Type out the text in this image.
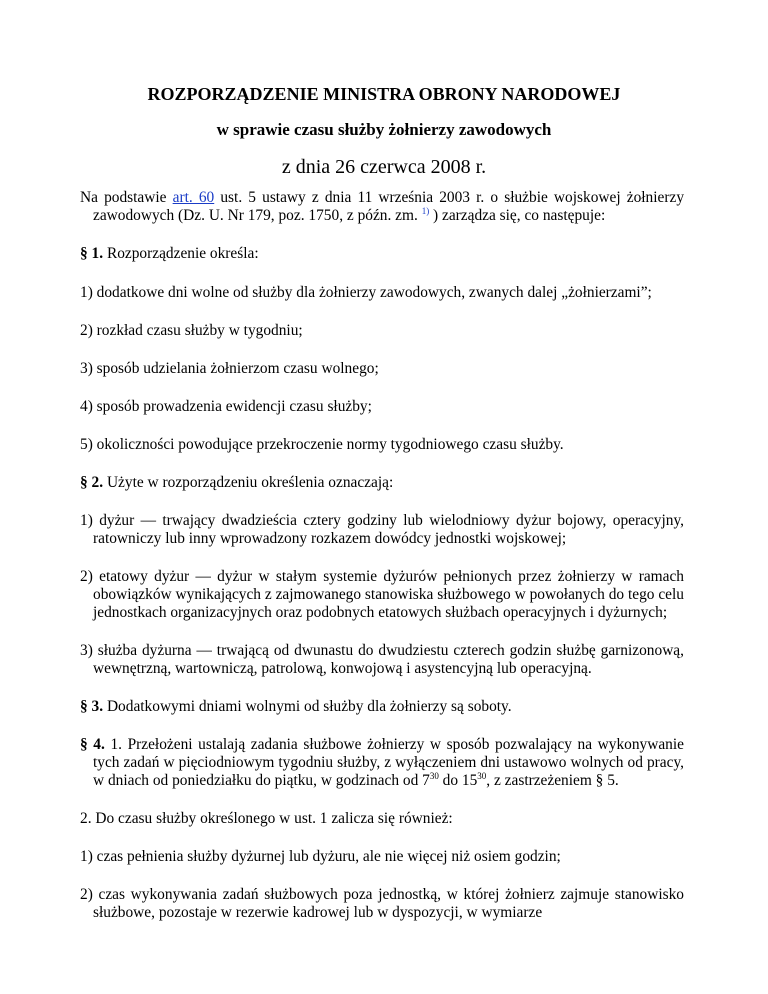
ROZPORZĄDZENIE MINISTRA OBRONY NARODOWEJ
w sprawie czasu służby żołnierzy zawodowych

z dnia 26 czerwca 2008 r.

Na podstawie art. 60 ust. 5 ustawy z dnia 11 września 2003 r. o służbie wojskowej żołnierzy zawodowych (Dz. U. Nr 179, poz. 1750, z późn. zm. $^{1)}$ ) zarządza się, co następuje:

§ 1. Rozporządzenie określa:

1) dodatkowe dni wolne od służby dla żołnierzy zawodowych, zwanych dalej „żołnierzami”;

2) rozkład czasu służby w tygodniu;

3) sposób udzielania żołnierzom czasu wolnego;

4) sposób prowadzenia ewidencji czasu służby;

5) okoliczności powodujące przekroczenie normy tygodniowego czasu służby.

§ 2. Użyte w rozporządzeniu określenia oznaczają:

1) dyżur — trwający dwadzieścia cztery godziny lub wielodniowy dyżur bojowy, operacyjny, ratowniczy lub inny wprowadzony rozkazem dowódcy jednostki wojskowej;

2) etatowy dyżur — dyżur w stałym systemie dyżurów pełnionych przez żołnierzy w ramach obowiązków wynikających z zajmowanego stanowiska służbowego w powołanych do tego celu jednostkach organizacyjnych oraz podobnych etatowych służbach operacyjnych i dyżurnych;

3) służba dyżurna — trwającą od dwunastu do dwudziestu czterech godzin służbę garnizonową, wewnętrzną, wartowniczą, patrolową, konwojową i asystencyjną lub operacyjną.

§ 3. Dodatkowymi dniami wolnymi od służby dla żołnierzy są soboty.

§ 4. 1. Przełożeni ustalają zadania służbowe żołnierzy w sposób pozwalający na wykonywanie tych zadań w pięciodniowym tygodniu służby, z wyłączeniem dni ustawowo wolnych od pracy, w dniach od poniedziałku do piątku, w godzinach od $7^{30}$ do $15^{30}$, z zastrzeżeniem § 5.

2. Do czasu służby określonego w ust. 1 zalicza się również:

1) czas pełnienia służby dyżurnej lub dyżuru, ale nie więcej niż osiem godzin;

2) czas wykonywania zadań służbowych poza jednostką, w której żołnierz zajmuje stanowisko służbowe, pozostaje w rezerwie kadrowej lub w dyspozycji, w wymiarze
